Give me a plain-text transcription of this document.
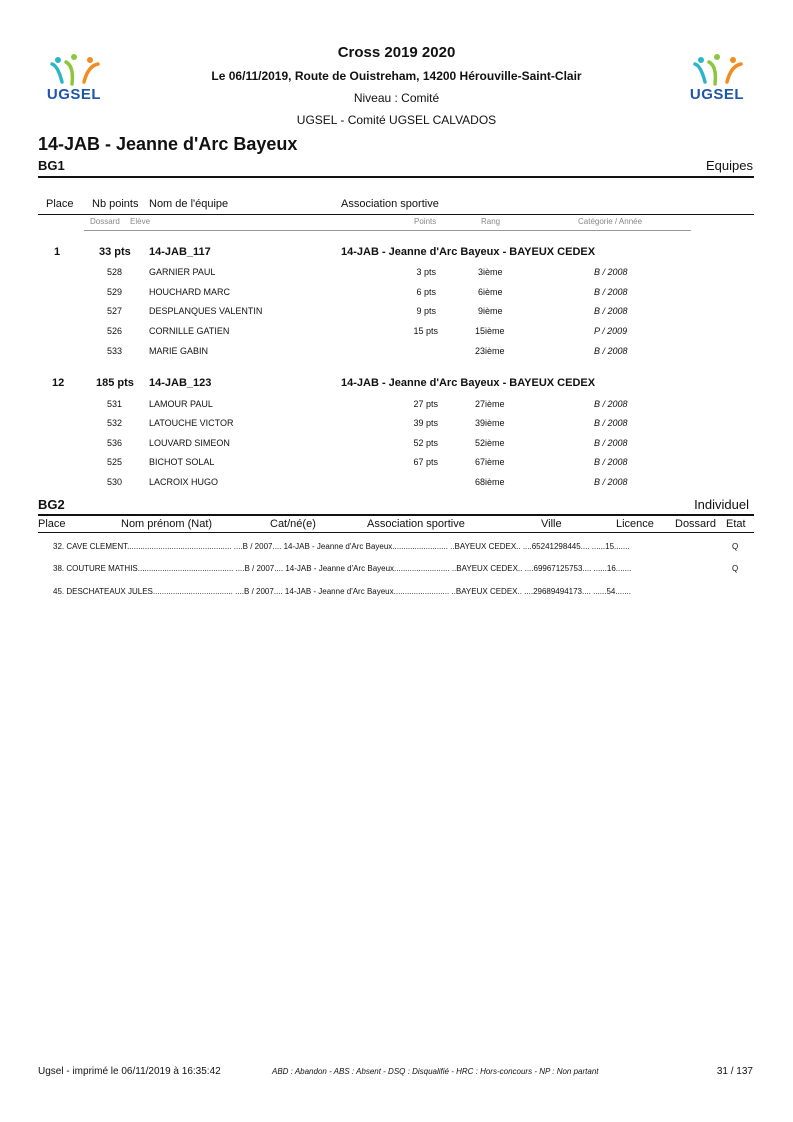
UGSEL	UGSEL
Cross 2019 2020
Le 06/11/2019, Route de Ouistreham, 14200 Hérouville-Saint-Clair
Niveau : Comité
UGSEL - Comité UGSEL CALVADOS
14-JAB - Jeanne d'Arc Bayeux
BG1	Equipes
Place Nb points Nom de l'équipe	Association sportive
Dossard Elève	Points	Rang	Catégorie / Année
1	33 pts 14-JAB_117	14-JAB - Jeanne d'Arc Bayeux - BAYEUX CEDEX
528	GARNIER PAUL	3 pts	3ième	B / 2008
529	HOUCHARD MARC	6 pts	6ième	B / 2008
527	DESPLANQUES VALENTIN	9 pts	9ième	B / 2008
526	CORNILLE GATIEN	15 pts	15ième	P / 2009
533	MARIE GABIN	23ième	B / 2008
12	185 pts 14-JAB_123	14-JAB - Jeanne d'Arc Bayeux - BAYEUX CEDEX
531	LAMOUR PAUL	27 pts	27ième	B / 2008
532	LATOUCHE VICTOR	39 pts	39ième	B / 2008
536	LOUVARD SIMEON	52 pts	52ième	B / 2008
525	BICHOT SOLAL	67 pts	67ième	B / 2008
530	LACROIX HUGO	68ième	B / 2008
BG2	Individuel
Place	Nom prénom (Nat)	Cat/né(e)	Association sportive	Ville	Licence Dossard Etat
32. CAVE CLEMENT............................................... ....B / 2007.... 14-JAB - Jeanne d'Arc Bayeux......................... ..BAYEUX CEDEX.. ....65241298445.... ......15.......	Q
38. COUTURE MATHIS........................................... ....B / 2007.... 14-JAB - Jeanne d'Arc Bayeux......................... ..BAYEUX CEDEX.. ....69967125753.... ......16.......	Q
45. DESCHATEAUX JULES.................................... ....B / 2007.... 14-JAB - Jeanne d'Arc Bayeux......................... ..BAYEUX CEDEX.. ....29689494173.... ......54.......
Ugsel - imprimé le 06/11/2019 à 16:35:42	ABD : Abandon - ABS : Absent - DSQ : Disqualifié - HRC : Hors-concours - NP : Non partant	31 / 137
